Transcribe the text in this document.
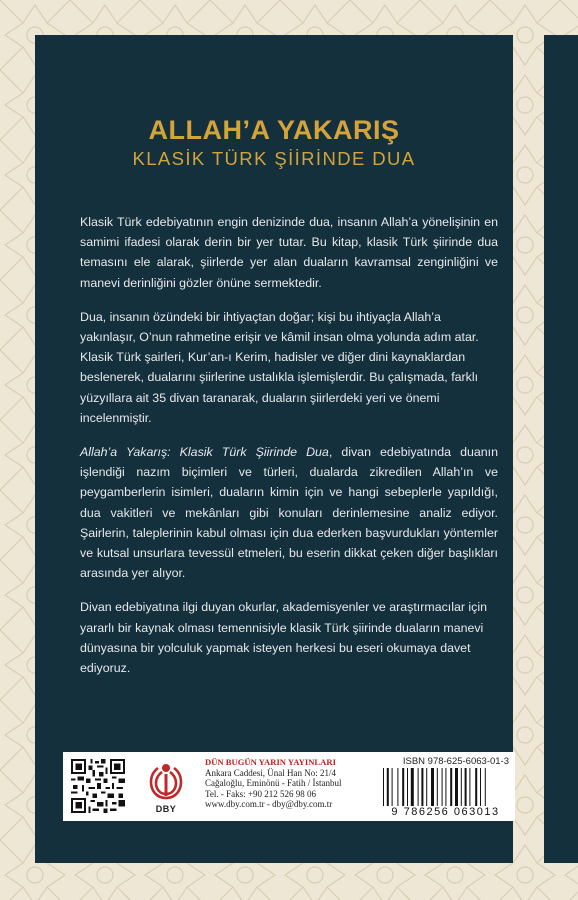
ALLAH’A YAKARIŞ
KLASİK TÜRK ŞİİRİNDE DUA

Klasik Türk edebiyatının engin denizinde dua, insanın Allah’a yönelişinin en samimi ifadesi olarak derin bir yer tutar. Bu kitap, klasik Türk şiirinde dua temasını ele alarak, şiirlerde yer alan duaların kavramsal zenginliğini ve manevi derinliğini gözler önüne sermektedir.

Dua, insanın özündeki bir ihtiyaçtan doğar; kişi bu ihtiyaçla Allah’a yakınlaşır, O’nun rahmetine erişir ve kâmil insan olma yolunda adım atar. Klasik Türk şairleri, Kur’an-ı Kerim, hadisler ve diğer dini kaynaklardan beslenerek, dualarını şiirlerine ustalıkla işlemişlerdir. Bu çalışmada, farklı yüzyıllara ait 35 divan taranarak, duaların şiirlerdeki yeri ve önemi incelenmiştir.

Allah’a Yakarış: Klasik Türk Şiirinde Dua, divan edebiyatında duanın işlendiği nazım biçimleri ve türleri, dualarda zikredilen Allah’ın ve peygamberlerin isimleri, duaların kimin için ve hangi sebeplerle yapıldığı, dua vakitleri ve mekânları gibi konuları derinlemesine analiz ediyor. Şairlerin, taleplerinin kabul olması için dua ederken başvurdukları yöntemler ve kutsal unsurlara tevessül etmeleri, bu eserin dikkat çeken diğer başlıkları arasında yer alıyor.

Divan edebiyatına ilgi duyan okurlar, akademisyenler ve araştırmacılar için yararlı bir kaynak olması temennisiyle klasik Türk şiirinde duaların manevi dünyasına bir yolculuk yapmak isteyen herkesi bu eseri okumaya davet ediyoruz.

DBY
DÜN BUGÜN YARIN YAYINLARI
Ankara Caddesi, Ünal Han No: 21/4
Cağaloğlu, Eminönü - Fatih / İstanbul
Tel. - Faks: +90 212 526 98 06
www.dby.com.tr - dby@dby.com.tr
ISBN 978-625-6063-01-3
9 786256 063013
